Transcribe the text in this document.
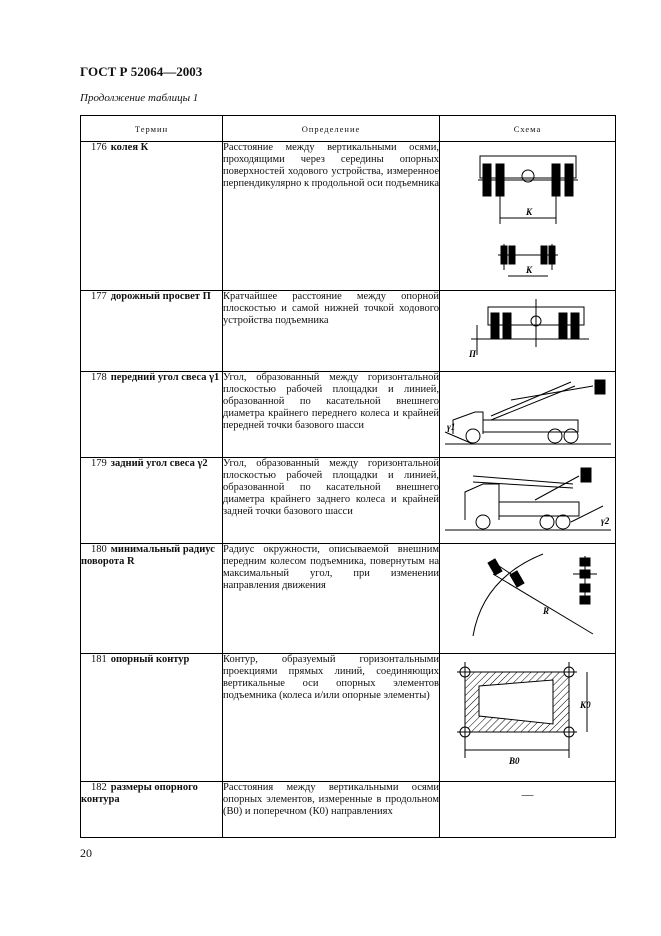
ГОСТ Р 52064—2003
Продолжение таблицы 1
Термин	Определение	Схема
176 колея К	Расстояние между вертикальными осями, проходящими через середины опорных поверхностей ходового устройства, измеренное перпендикулярно к продольной оси подъемника	К
К

177 дорожный просвет П	Кратчайшее расстояние между опорной плоскостью и самой нижней точкой ходового устройства подъемника	П

178 передний угол свеса γ1	Угол, образованный между горизонтальной плоскостью рабочей площадки и линией, образованной по касательной внешнего диаметра крайнего переднего колеса и крайней передней точки базового шасси	γ1

179 задний угол свеса γ2	Угол, образованный между горизонтальной плоскостью рабочей площадки и линией, образованной по касательной внешнего диаметра крайнего заднего колеса и крайней задней точки базового шасси	γ2

180 минимальный радиус поворота R	Радиус окружности, описываемой внешним передним колесом подъемника, повернутым на максимальный угол, при изменении направления движения	R

181 опорный контур	Контур, образуемый горизонтальными проекциями прямых линий, соединяющих вертикальные оси опорных элементов подъемника (колеса и/или опорные элементы)	К0
В0

182 размеры опорного контура	Расстояния между вертикальными осями опорных элементов, измеренные в продольном (В0) и поперечном (К0) направлениях	—
20
